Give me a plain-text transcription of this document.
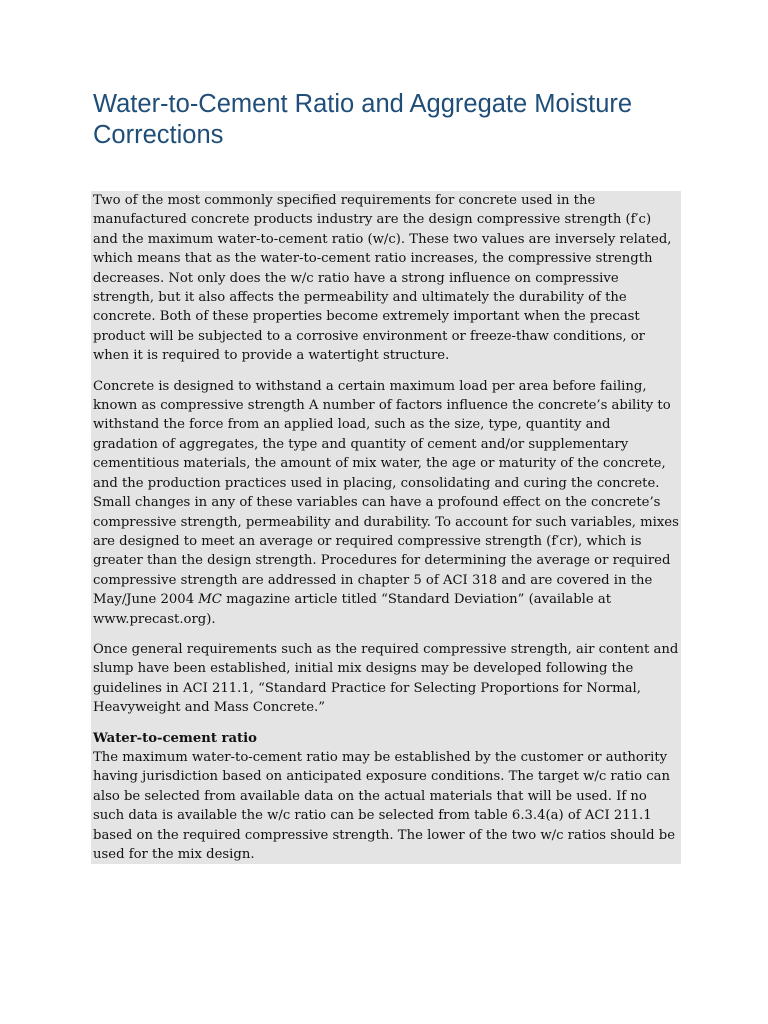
Water-to-Cement Ratio and Aggregate Moisture Corrections

Two of the most commonly specified requirements for concrete used in the manufactured concrete products industry are the design compressive strength (f′c) and the maximum water-to-cement ratio (w/c). These two values are inversely related, which means that as the water-to-cement ratio increases, the compressive strength decreases. Not only does the w/c ratio have a strong influence on compressive strength, but it also affects the permeability and ultimately the durability of the concrete. Both of these properties become extremely important when the precast product will be subjected to a corrosive environment or freeze-thaw conditions, or when it is required to provide a watertight structure.

Concrete is designed to withstand a certain maximum load per area before failing, known as compressive strength A number of factors influence the concrete’s ability to withstand the force from an applied load, such as the size, type, quantity and gradation of aggregates, the type and quantity of cement and/or supplementary cementitious materials, the amount of mix water, the age or maturity of the concrete, and the production practices used in placing, consolidating and curing the concrete. Small changes in any of these variables can have a profound effect on the concrete’s compressive strength, permeability and durability. To account for such variables, mixes are designed to meet an average or required compressive strength (f′cr), which is greater than the design strength. Procedures for determining the average or required compressive strength are addressed in chapter 5 of ACI 318 and are covered in the May/June 2004 MC magazine article titled “Standard Deviation” (available at www.precast.org).

Once general requirements such as the required compressive strength, air content and slump have been established, initial mix designs may be developed following the guidelines in ACI 211.1, “Standard Practice for Selecting Proportions for Normal, Heavyweight and Mass Concrete.”

Water-to-cement ratio
The maximum water-to-cement ratio may be established by the customer or authority having jurisdiction based on anticipated exposure conditions. The target w/c ratio can also be selected from available data on the actual materials that will be used. If no such data is available the w/c ratio can be selected from table 6.3.4(a) of ACI 211.1 based on the required compressive strength. The lower of the two w/c ratios should be used for the mix design.
